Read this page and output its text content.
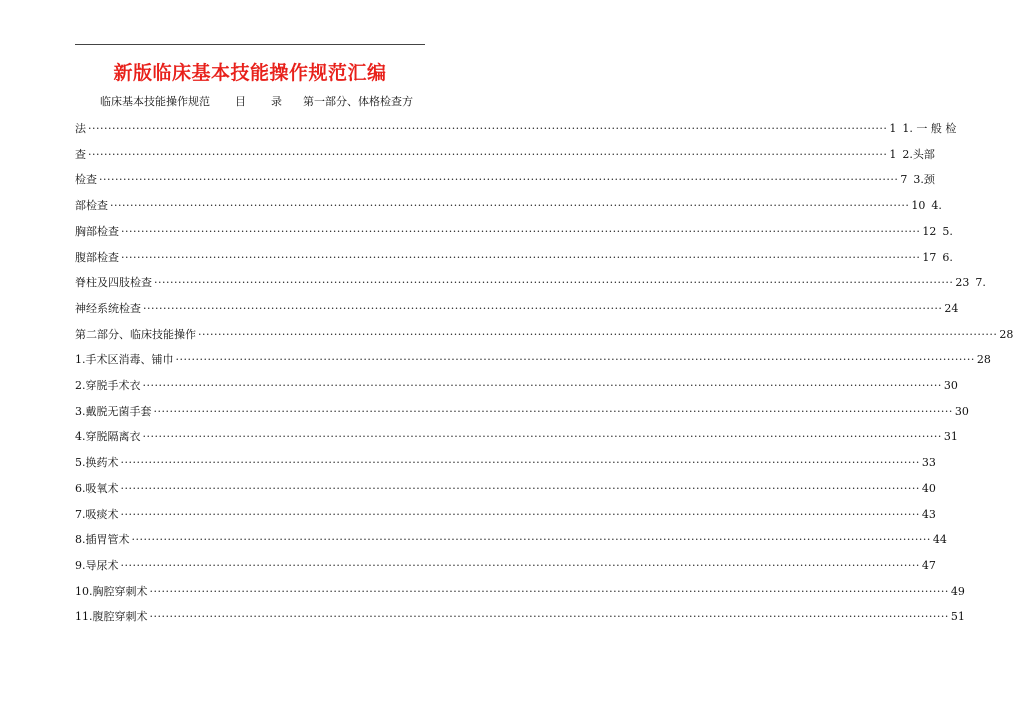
新版临床基本技能操作规范汇编
临床基本技能操作规范 目 录 第一部分、体格检查方
法 ········································································································································································································ 1 1. 一 般 检
查 ········································································································································································································ 1 2.头部
检查 ········································································································································································································ 7 3.颈
部检查 ········································································································································································································ 10 4.
胸部检查 ········································································································································································································ 12 5.
腹部检查 ········································································································································································································ 17 6.
脊柱及四肢检查 ········································································································································································································ 23 7.
神经系统检查 ········································································································································································································ 24
第二部分、临床技能操作 ········································································································································································································ 28
1.手术区消毒、铺巾 ········································································································································································································ 28
2.穿脱手术衣 ········································································································································································································ 30
3.戴脱无菌手套 ········································································································································································································ 30
4.穿脱隔离衣 ········································································································································································································ 31
5.换药术 ········································································································································································································ 33
6.吸氧术 ········································································································································································································ 40
7.吸痰术 ········································································································································································································ 43
8.插胃管术 ········································································································································································································ 44
9.导尿术 ········································································································································································································ 47
10.胸腔穿刺术 ········································································································································································································ 49
11.腹腔穿刺术 ········································································································································································································ 51
